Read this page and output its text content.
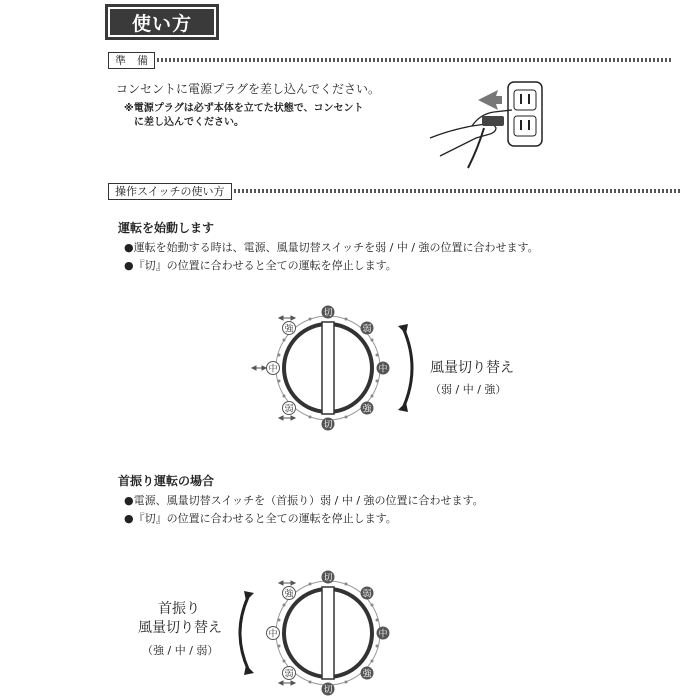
使い方
準　備
コンセントに電源プラグを差し込んでください。
※電源プラグは必ず本体を立てた状態で、コンセント
に差し込んでください。
操作スイッチの使い方
運転を始動します
●運転を始動する時は、電源、風量切替スイッチを弱 / 中 / 強の位置に合わせます。
●『切』の位置に合わせると全ての運転を停止します。
切
弱
中
強
切
強
中
弱
風量切り替え
（弱 / 中 / 強）
首振り運転の場合
●電源、風量切替スイッチを（首振り）弱 / 中 / 強の位置に合わせます。
●『切』の位置に合わせると全ての運転を停止します。
首振り
風量切り替え
（強 / 中 / 弱）
切
弱
中
強
切
強
中
弱
